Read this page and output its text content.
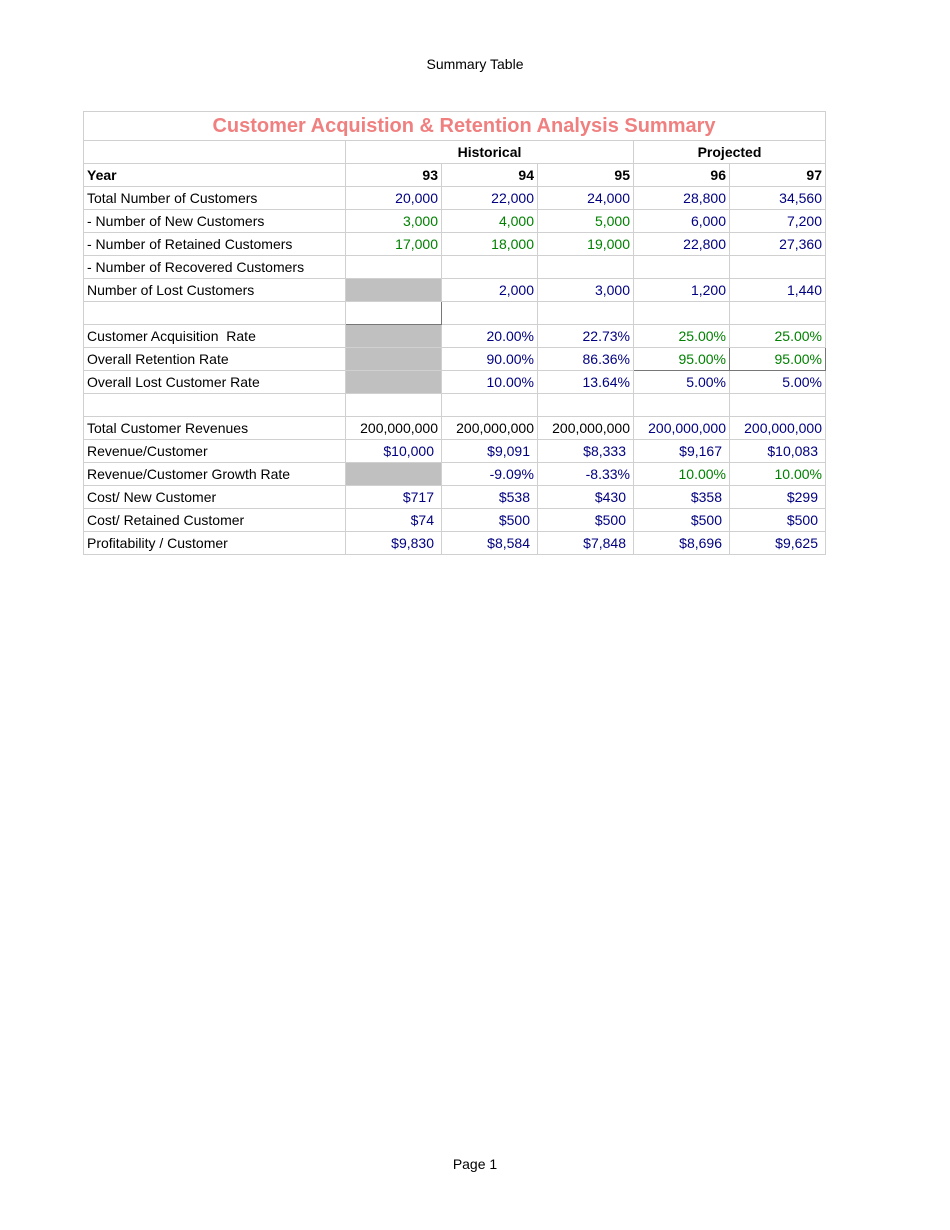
Summary Table
Customer Acquistion & Retention Analysis Summary					
	Historical			Projected	
Year	93	94	95	96	97
Total Number of Customers	20,000	22,000	24,000	28,800	34,560
- Number of New Customers	3,000	4,000	5,000	6,000	7,200
- Number of Retained Customers	17,000	18,000	19,000	22,800	27,360
- Number of Recovered Customers					
Number of Lost Customers		2,000	3,000	1,200	1,440

Customer Acquisition  Rate		20.00%	22.73%	25.00%	25.00%
Overall Retention Rate		90.00%	86.36%	95.00%	95.00%
Overall Lost Customer Rate		10.00%	13.64%	5.00%	5.00%

Total Customer Revenues	200,000,000	200,000,000	200,000,000	200,000,000	200,000,000
Revenue/Customer	$10,000	$9,091	$8,333	$9,167	$10,083
Revenue/Customer Growth Rate		-9.09%	-8.33%	10.00%	10.00%
Cost/ New Customer	$717	$538	$430	$358	$299
Cost/ Retained Customer	$74	$500	$500	$500	$500
Profitability / Customer	$9,830	$8,584	$7,848	$8,696	$9,625
Page 1
